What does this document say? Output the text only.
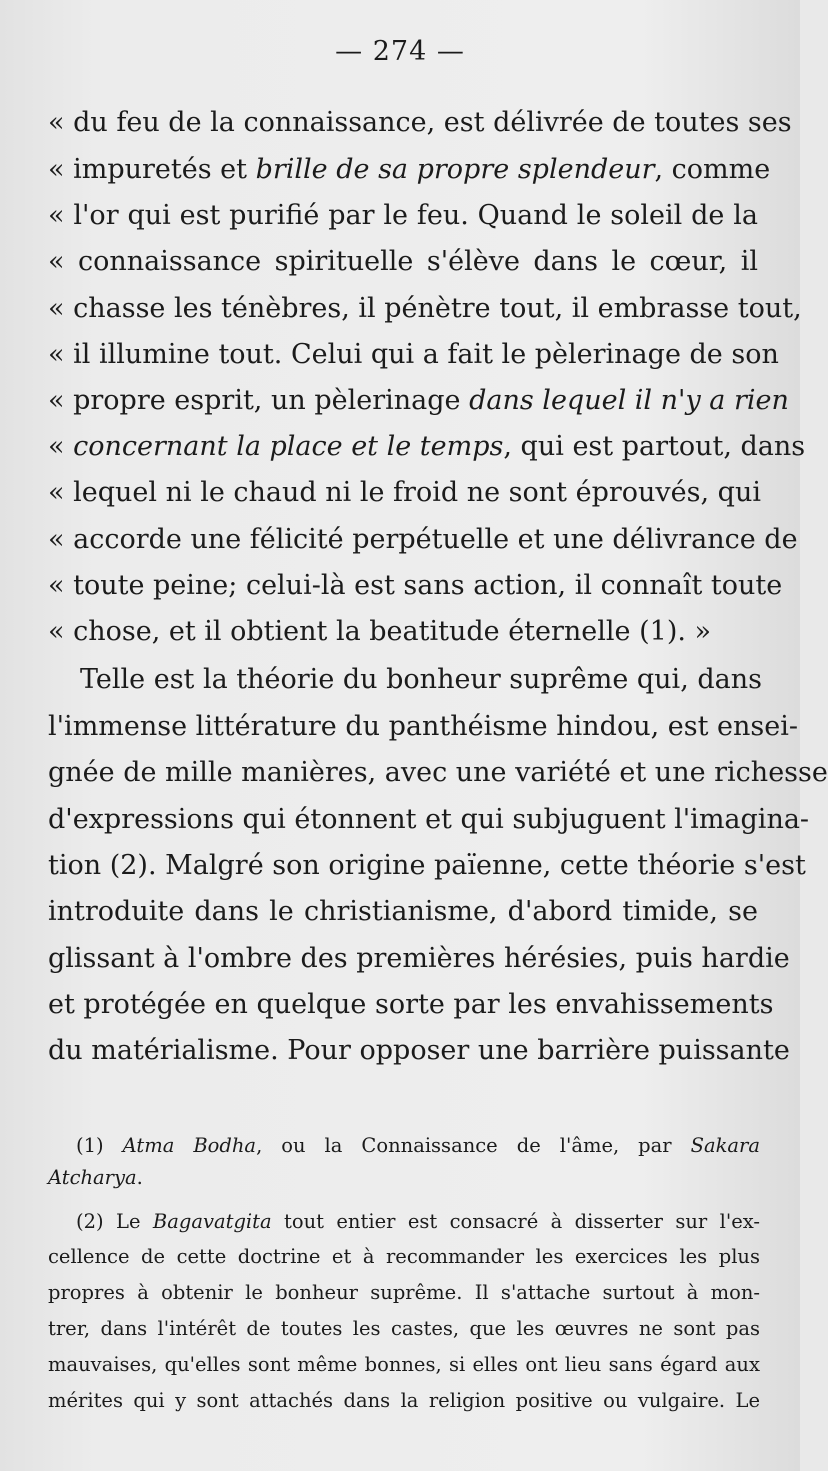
— 274 —
« du feu de la connaissance, est délivrée de toutes ses
« impuretés et brille de sa propre splendeur, comme
« l'or qui est purifié par le feu. Quand le soleil de la
« connaissance spirituelle s'élève dans le cœur, il
« chasse les ténèbres, il pénètre tout, il embrasse tout,
« il illumine tout. Celui qui a fait le pèlerinage de son
« propre esprit, un pèlerinage dans lequel il n'y a rien
« concernant la place et le temps, qui est partout, dans
« lequel ni le chaud ni le froid ne sont éprouvés, qui
« accorde une félicité perpétuelle et une délivrance de
« toute peine; celui-là est sans action, il connaît toute
« chose, et il obtient la beatitude éternelle (1). »
Telle est la théorie du bonheur suprême qui, dans
l'immense littérature du panthéisme hindou, est ensei-
gnée de mille manières, avec une variété et une richesse
d'expressions qui étonnent et qui subjuguent l'imagina-
tion (2). Malgré son origine païenne, cette théorie s'est
introduite dans le christianisme, d'abord timide, se
glissant à l'ombre des premières hérésies, puis hardie
et protégée en quelque sorte par les envahissements
du matérialisme. Pour opposer une barrière puissante
(1) Atma Bodha, ou la Connaissance de l'âme, par Sakara
Atcharya.
(2) Le Bagavatgita tout entier est consacré à disserter sur l'ex-
cellence de cette doctrine et à recommander les exercices les plus
propres à obtenir le bonheur suprême. Il s'attache surtout à mon-
trer, dans l'intérêt de toutes les castes, que les œuvres ne sont pas
mauvaises, qu'elles sont même bonnes, si elles ont lieu sans égard aux
mérites qui y sont attachés dans la religion positive ou vulgaire. Le
